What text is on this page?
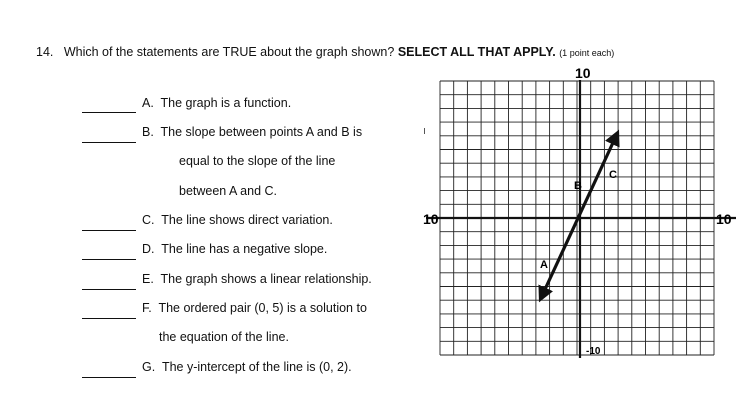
14. Which of the statements are TRUE about the graph shown? SELECT ALL THAT APPLY. (1 point each)
A. The graph is a function.
B. The slope between points A and B is
equal to the slope of the line
between A and C.
C. The line shows direct variation.
D. The line has a negative slope.
E. The graph shows a linear relationship.
F. The ordered pair (0, 5) is a solution to
the equation of the line.
G. The y-intercept of the line is (0, 2).
10
10	10
-10
A
B
C
